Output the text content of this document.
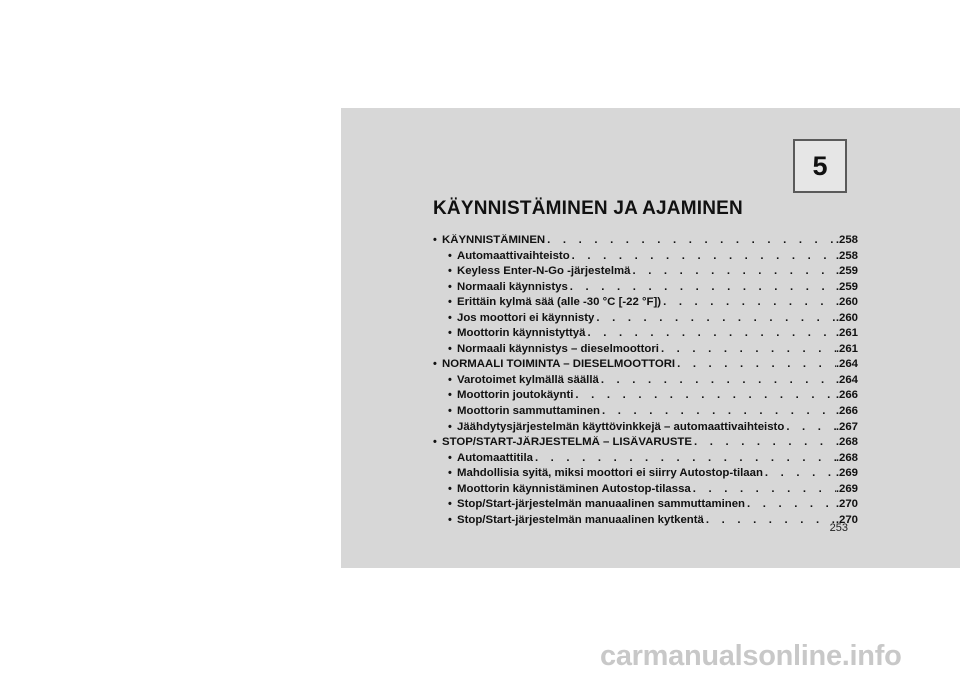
5
KÄYNNISTÄMINEN JA AJAMINEN
• KÄYNNISTÄMINEN . . .	.258
• Automaattivaihteisto . . .	.258
• Keyless Enter-N-Go -järjestelmä . . .	.259
• Normaali käynnistys . . .	.259
• Erittäin kylmä sää (alle -30 °C [-22 °F]) . . .	.260
• Jos moottori ei käynnisty . . .	.260
• Moottorin käynnistyttyä . . .	.261
• Normaali käynnistys – dieselmoottori . . .	.261
• NORMAALI TOIMINTA – DIESELMOOTTORI . . .	.264
• Varotoimet kylmällä säällä . . .	.264
• Moottorin joutokäynti . . .	.266
• Moottorin sammuttaminen . . .	.266
• Jäähdytysjärjestelmän käyttövinkkejä – automaattivaihteisto . . .	.267
• STOP/START-JÄRJESTELMÄ – LISÄVARUSTE . . .	.268
• Automaattitila . . .	.268
• Mahdollisia syitä, miksi moottori ei siirry Autostop-tilaan . . .	.269
• Moottorin käynnistäminen Autostop-tilassa . . .	.269
• Stop/Start-järjestelmän manuaalinen sammuttaminen . . .	.270
• Stop/Start-järjestelmän manuaalinen kytkentä . . .	.270
253
carmanualsonline.info
